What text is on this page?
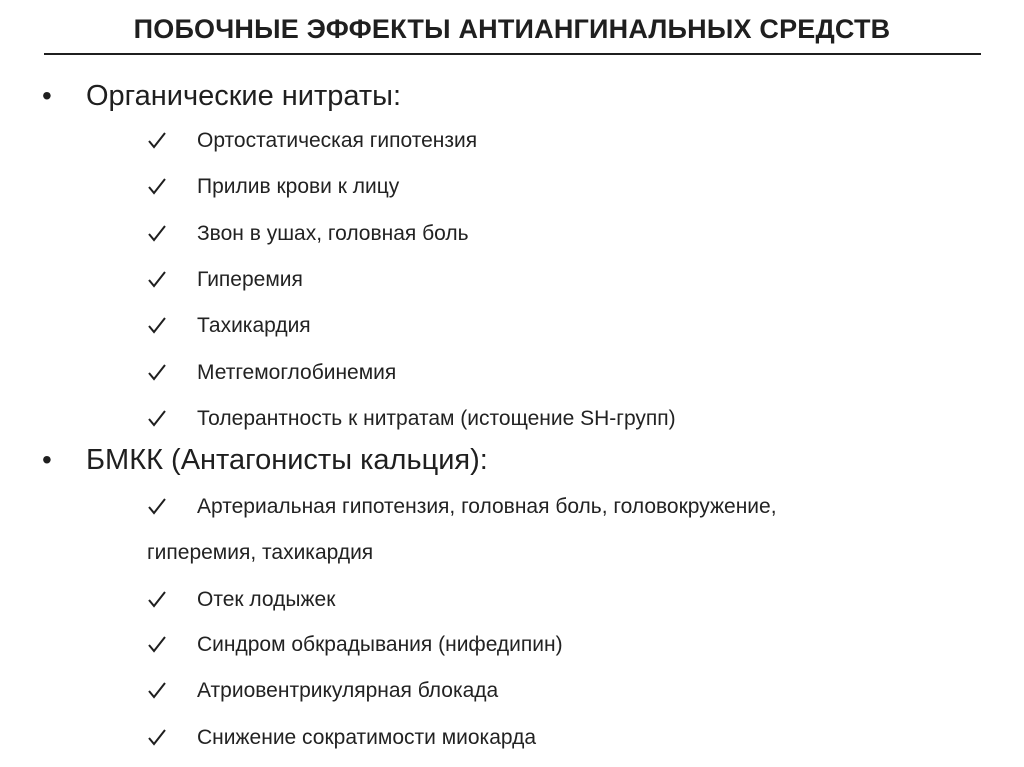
ПОБОЧНЫЕ ЭФФЕКТЫ АНТИАНГИНАЛЬНЫХ СРЕДСТВ
• Органические нитраты:
Ортостатическая гипотензия
Прилив крови к лицу
Звон в ушах, головная боль
Гиперемия
Тахикардия
Метгемоглобинемия
Толерантность к нитратам (истощение SH-групп)
• БМКК (Антагонисты кальция):
Артериальная гипотензия, головная боль, головокружение,
гиперемия, тахикардия
Отек лодыжек
Синдром обкрадывания (нифедипин)
Атриовентрикулярная блокада
Снижение сократимости миокарда
